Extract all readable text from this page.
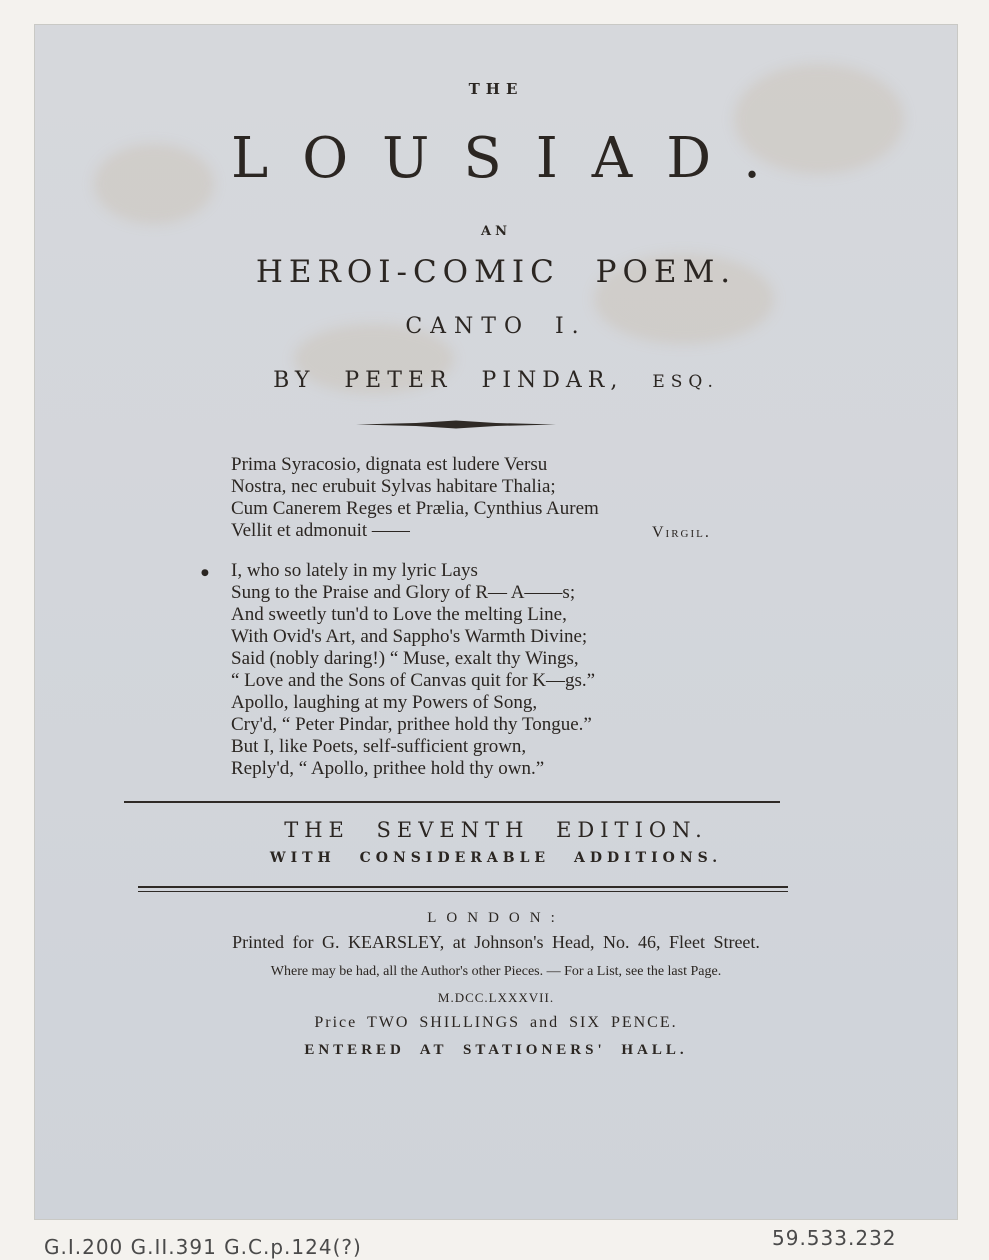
THE
LOUSIAD.
AN
HEROI-COMIC POEM.
CANTO I.
BY PETER PINDAR, ESQ.
Prima Syracosio, dignata est ludere Versu
Nostra, nec erubuit Sylvas habitare Thalia;
Cum Canerem Reges et Prælia, Cynthius Aurem
Vellit et admonuit ——	Virgil.
● I, who so lately in my lyric Lays
Sung to the Praise and Glory of R— A——s;
And sweetly tun'd to Love the melting Line,
With Ovid's Art, and Sappho's Warmth Divine;
Said (nobly daring!) “ Muse, exalt thy Wings,
“ Love and the Sons of Canvas quit for K—gs.”
Apollo, laughing at my Powers of Song,
Cry'd, “ Peter Pindar, prithee hold thy Tongue.”
But I, like Poets, self-sufficient grown,
Reply'd, “ Apollo, prithee hold thy own.”
THE SEVENTH EDITION.
WITH CONSIDERABLE ADDITIONS.
LONDON:
Printed for G. KEARSLEY, at Johnson's Head, No. 46, Fleet Street.
Where may be had, all the Author's other Pieces. — For a List, see the last Page.
M.DCC.LXXXVII.
Price TWO SHILLINGS and SIX PENCE.
ENTERED AT STATIONERS' HALL.
G.I.200 G.II.391 G.C.p.124(?)	59.533.232
